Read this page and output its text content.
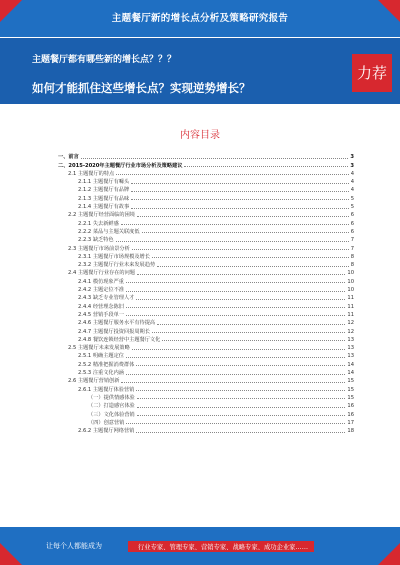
主题餐厅新的增长点分析及策略研究报告
主题餐厅都有哪些新的增长点？？？
如何才能抓住这些增长点？实现逆势增长？
力荐
内容目录
一、前言	3
二、2015-2020年主题餐厅行业市场分析及策略建议	3
2.1 主题餐厅的特点	4
2.1.1 主题餐厅有噱头	4
2.1.2 主题餐厅有品牌	4
2.1.3 主题餐厅有品味	5
2.1.4 主题餐厅有故事	5
2.2 主题餐厅经营面临的困境	6
2.2.1 失去新鲜感	6
2.2.2 菜品与主题关联度低	6
2.2.3 缺乏特色	7
2.3 主题餐厅市场前景分析	7
2.3.1 主题餐厅市场规模及增长	8
2.3.2 主题餐厅行业未来发展趋势	8
2.4 主题餐厅行业存在的问题	10
2.4.1 模仿现象严重	10
2.4.2 主题定位不准	10
2.4.3 缺乏专业管理人才	11
2.4.4 经营理念陈旧	11
2.4.5 营销手段单一	11
2.4.6 主题餐厅服务水平有待提高	12
2.4.7 主题餐厅投资回报周期长	12
2.4.8 餐饮连锁经营中主题餐厅文化	13
2.5 主题餐厅未来发展策略	13
2.5.1 明确主题定位	13
2.5.2 精准把握消费群体	14
2.5.3 注重文化内涵	14
2.6 主题餐厅营销创新	15
2.6.1 主题餐厅体验营销	15
（一）提供情感体验	15
（二）打造感官体验	16
（三）文化体验营销	16
（四）创意营销	17
2.6.2 主题餐厅网络营销	18
让每个人都能成为	行业专家、管理专家、营销专家、战略专家、成功企业家……
